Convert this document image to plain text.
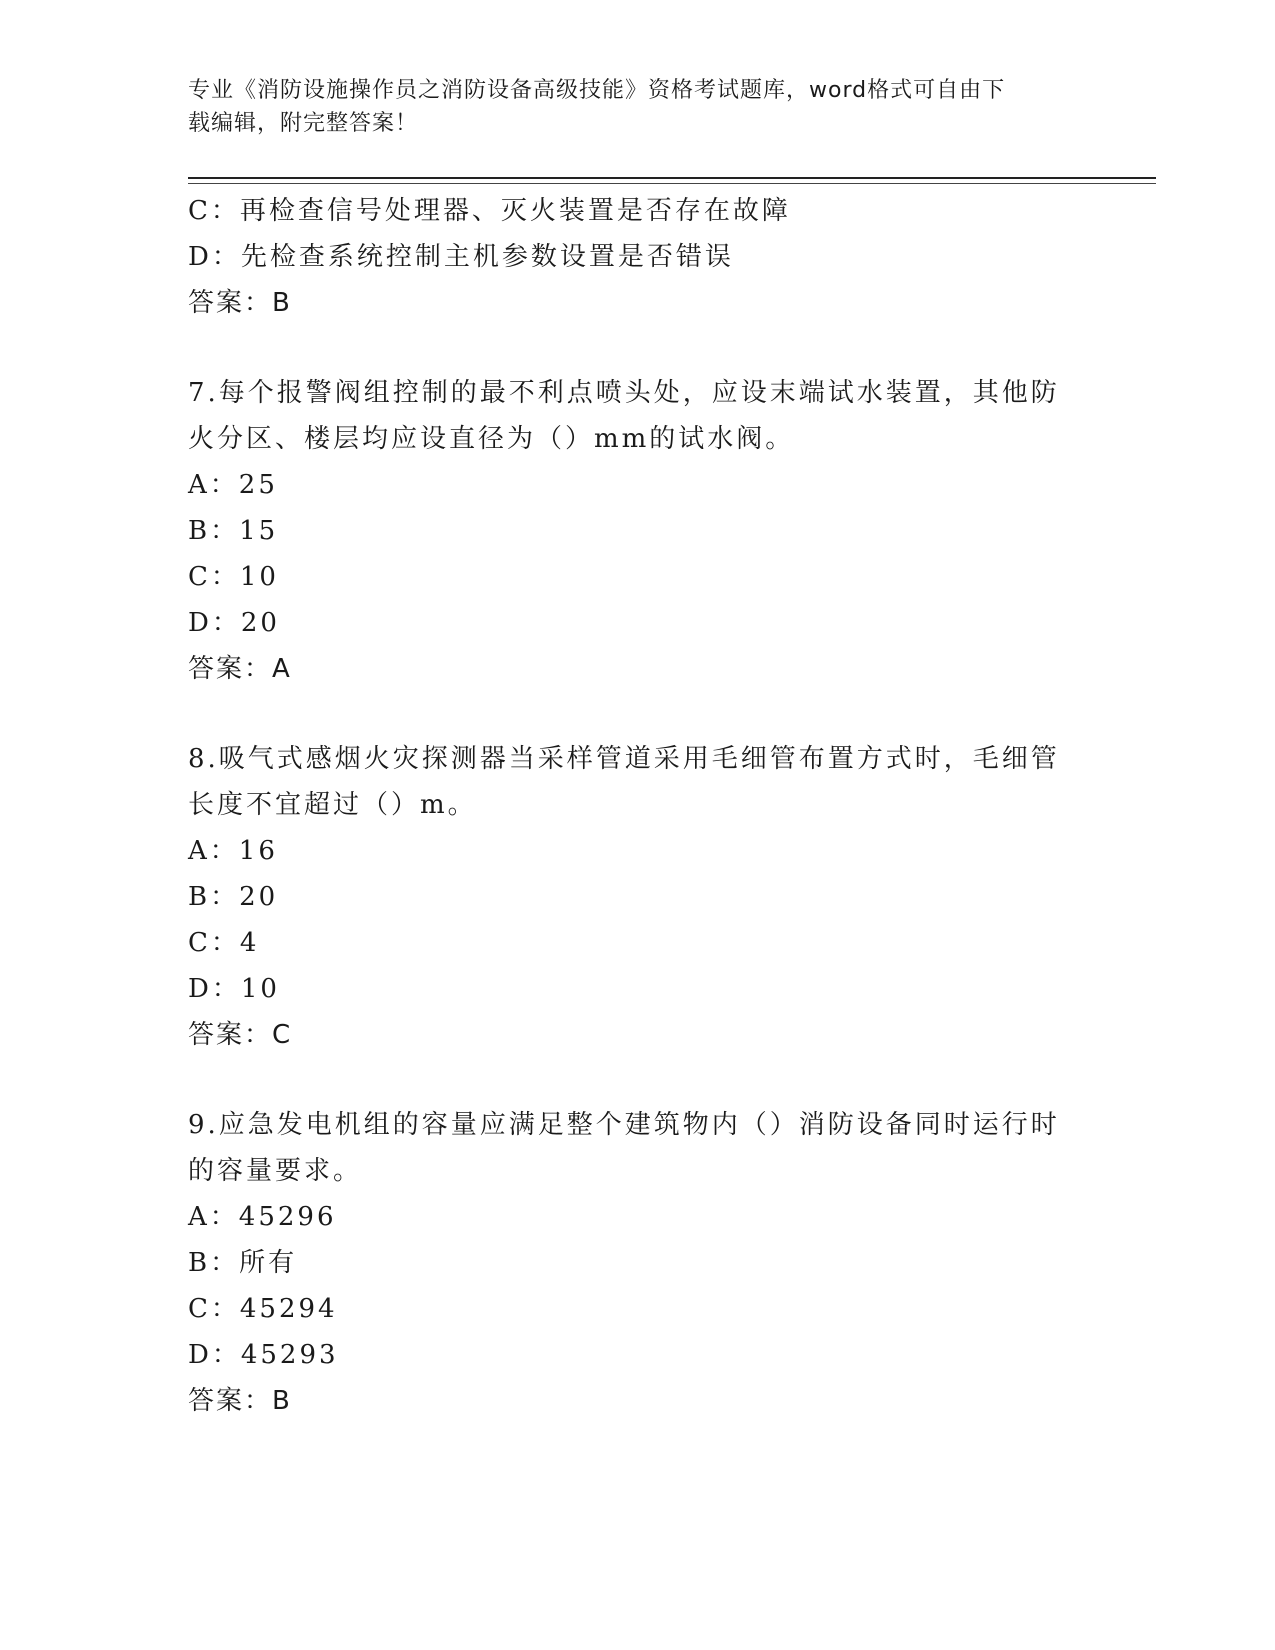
专业《消防设施操作员之消防设备高级技能》资格考试题库，word格式可自由下
载编辑，附完整答案！
C：再检查信号处理器、灭火装置是否存在故障
D：先检查系统控制主机参数设置是否错误
答案：B
7.每个报警阀组控制的最不利点喷头处，应设末端试水装置，其他防
火分区、楼层均应设直径为（）mm的试水阀。
A：25
B：15
C：10
D：20
答案：A
8.吸气式感烟火灾探测器当采样管道采用毛细管布置方式时，毛细管
长度不宜超过（）m。
A：16
B：20
C：4
D：10
答案：C
9.应急发电机组的容量应满足整个建筑物内（）消防设备同时运行时
的容量要求。
A：45296
B：所有
C：45294
D：45293
答案：B
